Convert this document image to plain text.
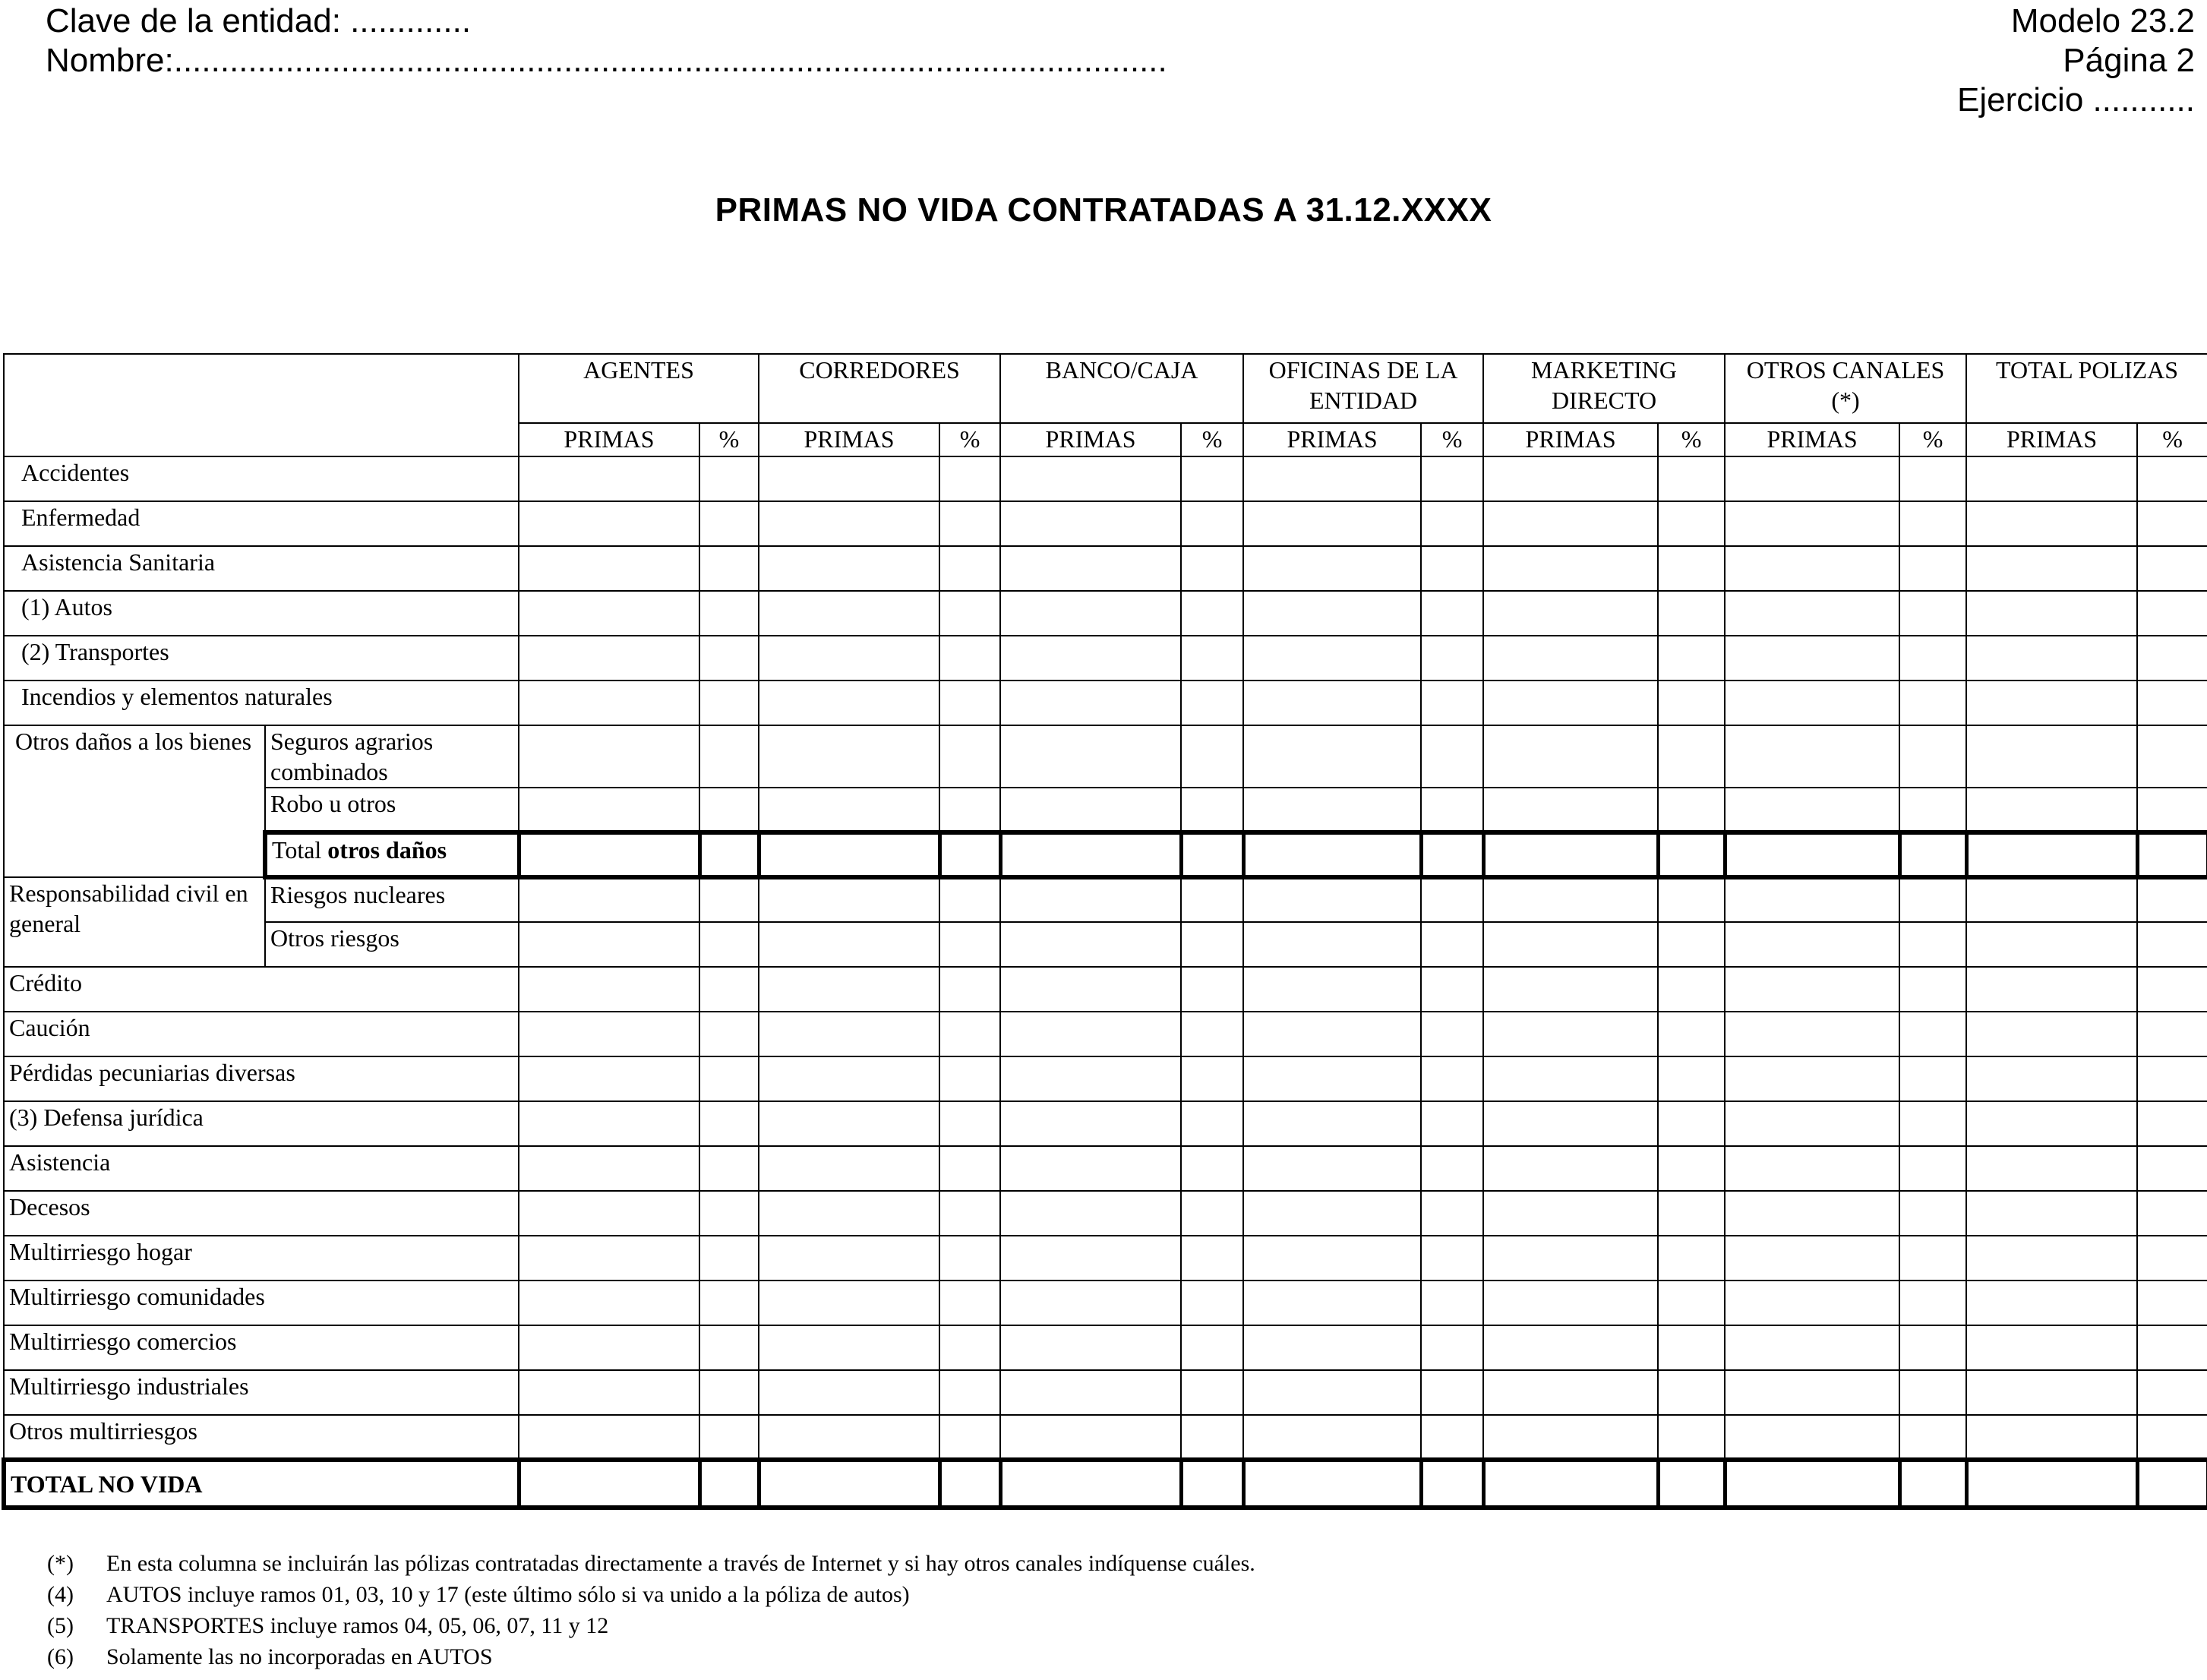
Clave de la entidad: .............
Nombre:...........................................................................................................
Modelo 23.2
Página 2
Ejercicio ...........
PRIMAS NO VIDA CONTRATADAS A 31.12.XXXX
		AGENTES		CORREDORES		BANCO/CAJA		OFICINAS DE LA ENTIDAD		MARKETING DIRECTO		OTROS CANALES (*)		TOTAL POLIZAS	
		PRIMAS	%	PRIMAS	%	PRIMAS	%	PRIMAS	%	PRIMAS	%	PRIMAS	%	PRIMAS	%
Accidentes															
Enfermedad															
Asistencia Sanitaria															
(1) Autos															
(2) Transportes															
Incendios y elementos naturales															
Otros daños a los bienes	Seguros agrarios combinados														
	Robo u otros														
	Total otros daños														
Responsabilidad civil en general	Riesgos nucleares														
	Otros riesgos														
Crédito															
Caución															
Pérdidas pecuniarias diversas															
(3) Defensa jurídica															
Asistencia															
Decesos															
Multirriesgo hogar															
Multirriesgo comunidades															
Multirriesgo comercios															
Multirriesgo industriales															
Otros multirriesgos															
TOTAL NO VIDA															
(*)	En esta columna se incluirán las pólizas contratadas directamente a través de Internet y si hay otros canales indíquense cuáles.
(4)	AUTOS incluye ramos 01, 03, 10 y 17 (este último sólo si va unido a la póliza de autos)
(5)	TRANSPORTES incluye ramos 04, 05, 06, 07, 11 y 12
(6)	Solamente las no incorporadas en AUTOS
